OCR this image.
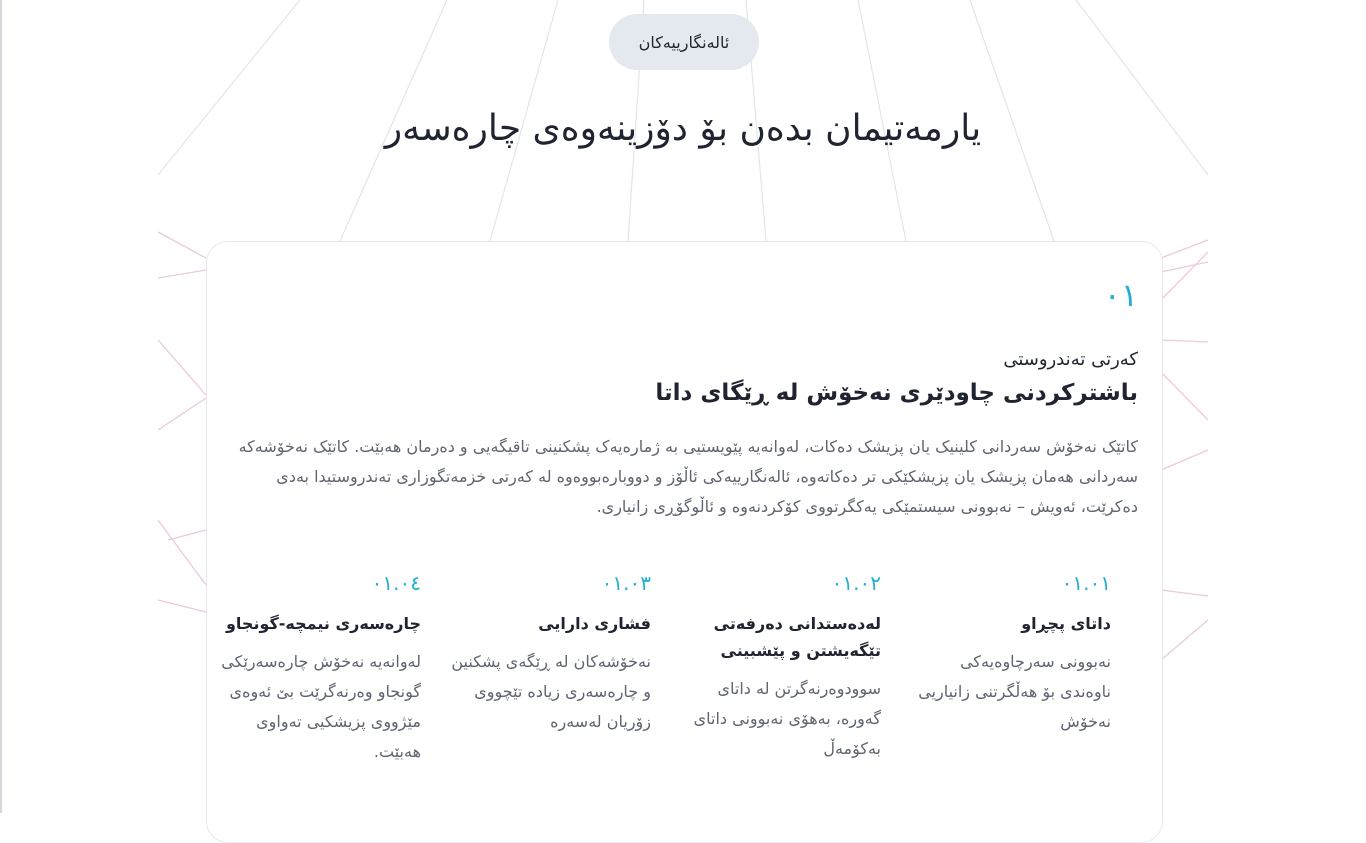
ئالەنگارییەکان
یارمەتیمان بدەن بۆ دۆزینەوەی چارەسەر
٠١
کەرتی تەندروستی
باشترکردنی چاودێری نەخۆش لە ڕێگای داتا

کاتێک نەخۆش سەردانی کلینیک یان پزیشک دەکات، لەوانەیە پێویستیی بە ژمارەیەک پشکنینی تاقیگەیی و دەرمان هەبێت. کاتێک نەخۆشەکە سەردانی هەمان پزیشک یان پزیشکێکی تر دەکاتەوە، ئالەنگارییەکی ئاڵۆز و دووبارەبووەوە لە کەرتی خزمەتگوزاری تەندروستیدا بەدی دەکرێت، ئەویش – نەبوونی سیستمێکی یەکگرتووی کۆکردنەوە و ئاڵوگۆڕی زانیاری.

٠١.٠١
داتای پچڕاو
نەبوونی سەرچاوەیەکی ناوەندی بۆ هەڵگرتنی زانیاریی نەخۆش
٠١.٠٢
لەدەستدانی دەرفەتی تێگەیشتن و پێشبینی
سوودوەرنەگرتن لە داتای گەورە، بەهۆی نەبوونی داتای بەکۆمەڵ
٠١.٠٣
فشاری دارایی
نەخۆشەکان لە ڕێگەی پشکنین و چارەسەری زیادە تێچووی زۆریان لەسەرە
٠١.٠٤
چارەسەری نیمچە-گونجاو
لەوانەیە نەخۆش چارەسەرێکی گونجاو وەرنەگرێت بێ ئەوەی مێژووی پزیشکیی تەواوی هەبێت.
